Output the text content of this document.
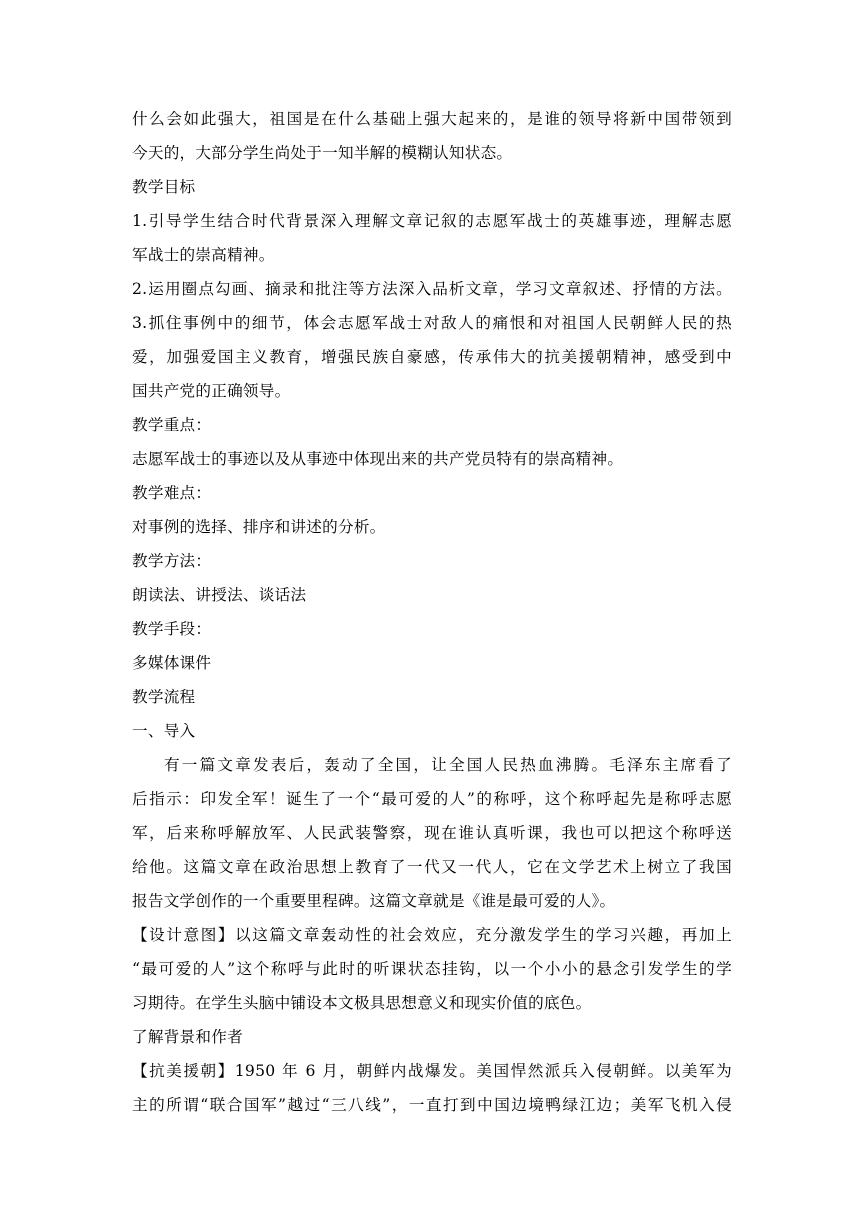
什么会如此强大，祖国是在什么基础上强大起来的，是谁的领导将新中国带领到
今天的，大部分学生尚处于一知半解的模糊认知状态。
教学目标
1.引导学生结合时代背景深入理解文章记叙的志愿军战士的英雄事迹，理解志愿
军战士的崇高精神。
2.运用圈点勾画、摘录和批注等方法深入品析文章，学习文章叙述、抒情的方法。
3.抓住事例中的细节，体会志愿军战士对敌人的痛恨和对祖国人民朝鲜人民的热
爱，加强爱国主义教育，增强民族自豪感，传承伟大的抗美援朝精神，感受到中
国共产党的正确领导。
教学重点：
志愿军战士的事迹以及从事迹中体现出来的共产党员特有的崇高精神。
教学难点：
对事例的选择、排序和讲述的分析。
教学方法：
朗读法、讲授法、谈话法
教学手段：
多媒体课件
教学流程
一、导入
有一篇文章发表后，轰动了全国，让全国人民热血沸腾。毛泽东主席看了
后指示：印发全军！诞生了一个“最可爱的人”的称呼，这个称呼起先是称呼志愿
军，后来称呼解放军、人民武装警察，现在谁认真听课，我也可以把这个称呼送
给他。这篇文章在政治思想上教育了一代又一代人，它在文学艺术上树立了我国
报告文学创作的一个重要里程碑。这篇文章就是《谁是最可爱的人》。
【设计意图】以这篇文章轰动性的社会效应，充分激发学生的学习兴趣，再加上
“最可爱的人”这个称呼与此时的听课状态挂钩，以一个小小的悬念引发学生的学
习期待。在学生头脑中铺设本文极具思想意义和现实价值的底色。
了解背景和作者
【抗美援朝】1950 年 6 月，朝鲜内战爆发。美国悍然派兵入侵朝鲜。以美军为
主的所谓“联合国军”越过“三八线”，一直打到中国边境鸭绿江边；美军飞机入侵
